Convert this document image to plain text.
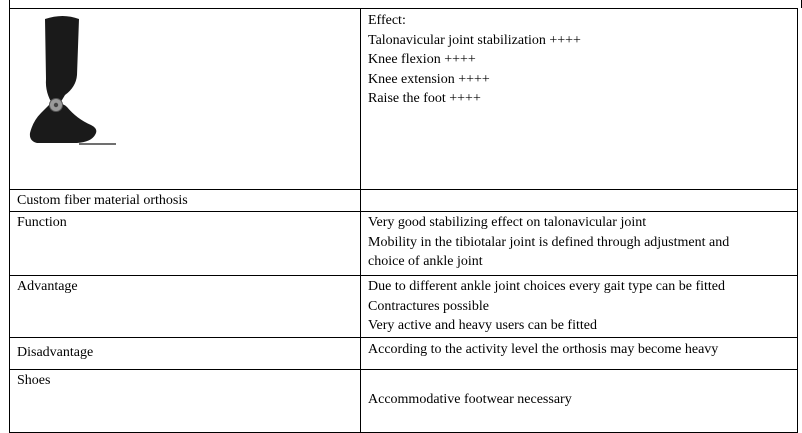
Effect:
Talonavicular joint stabilization ++++
Knee flexion ++++
Knee extension ++++
Raise the foot ++++

Custom fiber material orthosis	
Function	Very good stabilizing effect on talonavicular joint
Mobility in the tibiotalar joint is defined through adjustment and
choice of ankle joint

Advantage	Due to different ankle joint choices every gait type can be fitted
Contractures possible
Very active and heavy users can be fitted

Disadvantage	According to the activity level the orthosis may become heavy
Shoes	Accommodative footwear necessary
